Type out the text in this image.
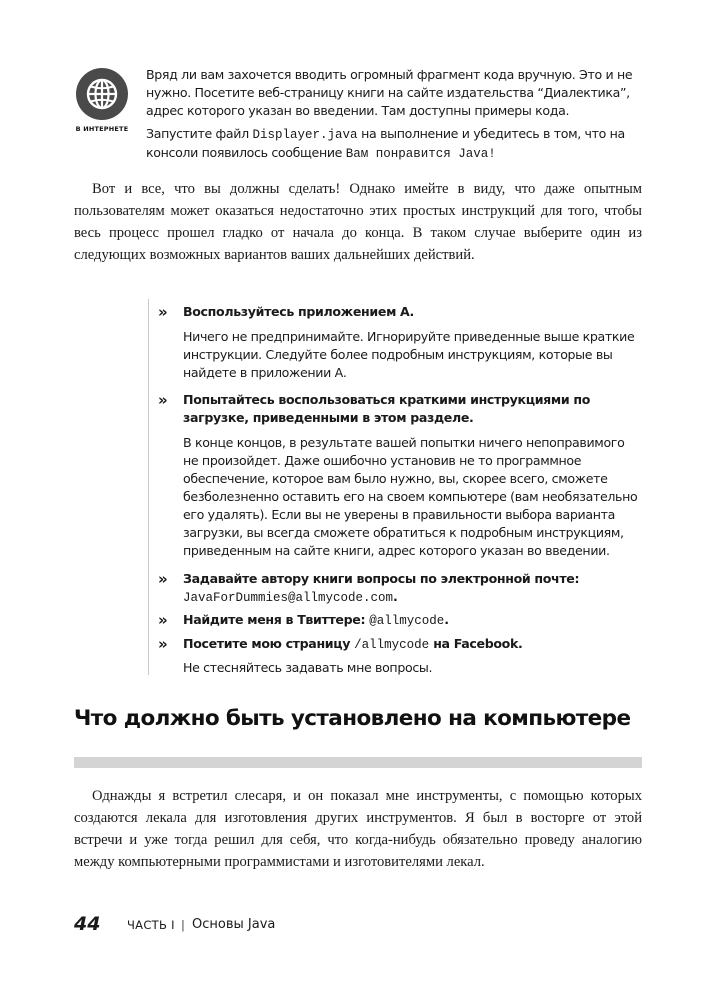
В ИНТЕРНЕТЕ

Вряд ли вам захочется вводить огромный фрагмент кода вручную. Это и не нужно. Посетите веб-страницу книги на сайте издательства “Диалектика”, адрес которого указан во введении. Там доступны примеры кода.

Запустите файл Displayer.java на выполнение и убедитесь в том, что на консоли появилось сообщение Вам понравится Java!

Вот и все, что вы должны сделать! Однако имейте в виду, что даже опытным пользователям может оказаться недостаточно этих простых инструкций для того, чтобы весь процесс прошел гладко от начала до конца. В таком случае выберите один из следующих возможных вариантов ваших дальнейших действий.

» Воспользуйтесь приложением А.

Ничего не предпринимайте. Игнорируйте приведенные выше краткие инструкции. Следуйте более подробным инструкциям, которые вы найдете в приложении А.

» Попытайтесь воспользоваться краткими инструкциями по загрузке, приведенными в этом разделе.

В конце концов, в результате вашей попытки ничего непоправимого не произойдет. Даже ошибочно установив не то программное обеспечение, которое вам было нужно, вы, скорее всего, сможете безболезненно оставить его на своем компьютере (вам необязательно его удалять). Если вы не уверены в правильности выбора варианта загрузки, вы всегда сможете обратиться к подробным инструкциям, приведенным на сайте книги, адрес которого указан во введении.

» Задавайте автору книги вопросы по электронной почте: JavaForDummies@allmycode.com.

» Найдите меня в Твиттере: @allmycode.

» Посетите мою страницу /allmycode на Facebook.

Не стесняйтесь задавать мне вопросы.

Что должно быть установлено на компьютере

Однажды я встретил слесаря, и он показал мне инструменты, с помощью которых создаются лекала для изготовления других инструментов. Я был в восторге от этой встречи и уже тогда решил для себя, что когда-нибудь обязательно проведу аналогию между компьютерными программистами и изготовителями лекал.

44 ЧАСТЬ I | Основы Java
